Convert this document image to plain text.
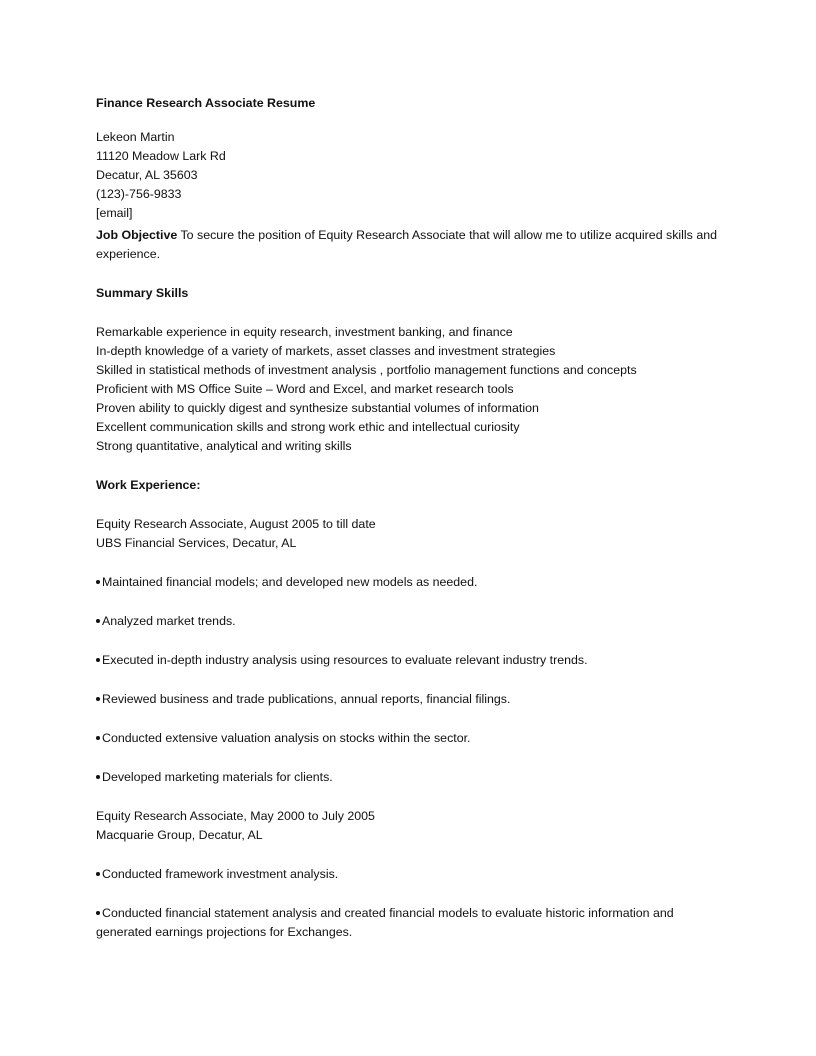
Finance Research Associate Resume
Lekeon Martin
11120 Meadow Lark Rd
Decatur, AL 35603
(123)-756-9833
[email]
Job Objective To secure the position of Equity Research Associate that will allow me to utilize acquired skills and experience.
Summary Skills
Remarkable experience in equity research, investment banking, and finance
In-depth knowledge of a variety of markets, asset classes and investment strategies
Skilled in statistical methods of investment analysis , portfolio management functions and concepts
Proficient with MS Office Suite – Word and Excel, and market research tools
Proven ability to quickly digest and synthesize substantial volumes of information
Excellent communication skills and strong work ethic and intellectual curiosity
Strong quantitative, analytical and writing skills
Work Experience:
Equity Research Associate, August 2005 to till date
UBS Financial Services, Decatur, AL
Maintained financial models; and developed new models as needed.
Analyzed market trends.
Executed in-depth industry analysis using resources to evaluate relevant industry trends.
Reviewed business and trade publications, annual reports, financial filings.
Conducted extensive valuation analysis on stocks within the sector.
Developed marketing materials for clients.
Equity Research Associate, May 2000 to July 2005
Macquarie Group, Decatur, AL
Conducted framework investment analysis.
Conducted financial statement analysis and created financial models to evaluate historic information and generated earnings projections for Exchanges.
